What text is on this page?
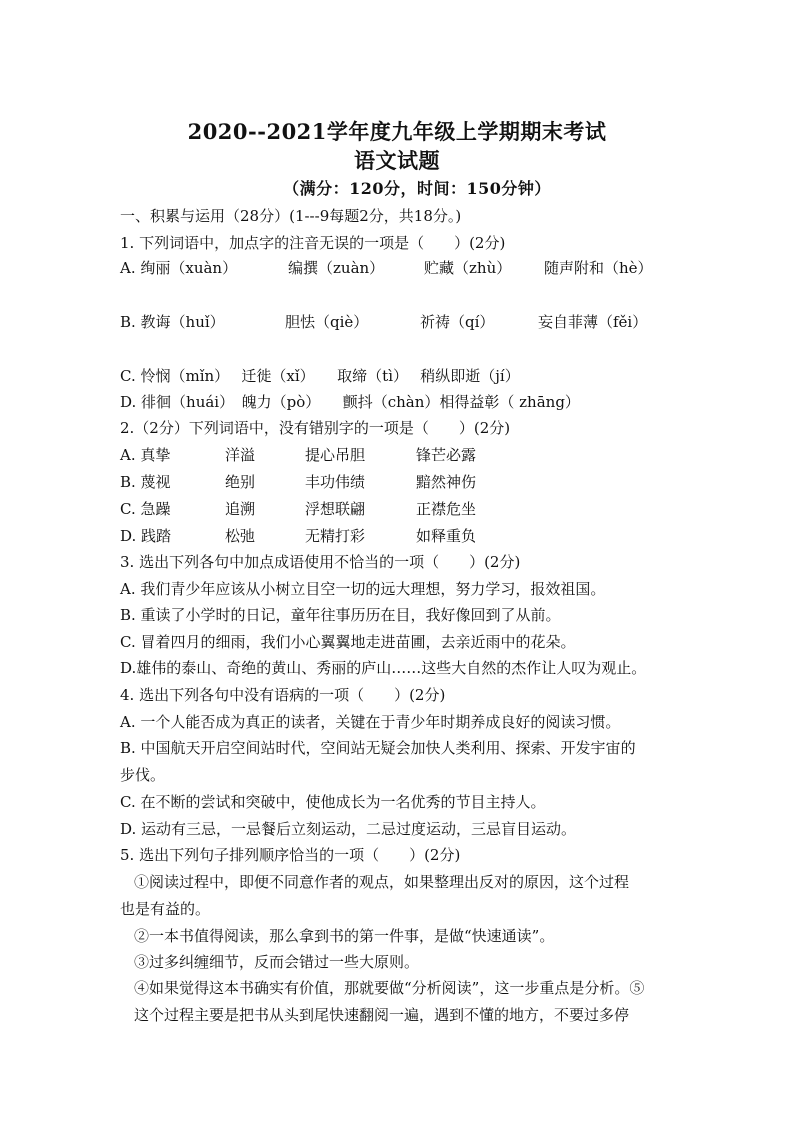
2020--2021学年度九年级上学期期末考试
语文试题
（满分：120分，时间：150分钟）
一、积累与运用（28分）(1---9每题2分，共18分。)
1. 下列词语中，加点字的注音无误的一项是（　　）(2分)
A. 绚丽（xuàn）	编撰（zuàn）	贮藏（zhù） 随声附和（hè）
B. 教诲（huǐ）	胆怯（qiè）	祈祷（qí）	妄自菲薄（fěi）
C. 怜悯（mǐn）　 迁徙（xǐ）　　取缔（tì）　 稍纵即逝（jí）
D. 徘徊（huái）　魄力（pò）　　颤抖（chàn）相得益彰（ zhāng）
2.（2分）下列词语中，没有错别字的一项是（　　）(2分)
A. 真挚	洋溢	提心吊胆	锋芒必露
B. 蔑视	绝别	丰功伟绩	黯然神伤
C. 急躁	追溯	浮想联翩	正襟危坐
D. 践踏	松弛	无精打彩	如释重负
3. 选出下列各句中加点成语使用不恰当的一项（　　）(2分)
A. 我们青少年应该从小树立目空一切的远大理想，努力学习，报效祖国。
B. 重读了小学时的日记，童年往事历历在目，我好像回到了从前。
C. 冒着四月的细雨，我们小心翼翼地走进苗圃，去亲近雨中的花朵。
D.雄伟的泰山、奇绝的黄山、秀丽的庐山……这些大自然的杰作让人叹为观止。
4. 选出下列各句中没有语病的一项（　　）(2分)
A. 一个人能否成为真正的读者，关键在于青少年时期养成良好的阅读习惯。
B. 中国航天开启空间站时代，空间站无疑会加快人类利用、探索、开发宇宙的
步伐。
C. 在不断的尝试和突破中，使他成长为一名优秀的节目主持人。
D. 运动有三忌，一忌餐后立刻运动，二忌过度运动，三忌盲目运动。
5. 选出下列句子排列顺序恰当的一项（　　）(2分)
①阅读过程中，即便不同意作者的观点，如果整理出反对的原因，这个过程
也是有益的。
②一本书值得阅读，那么拿到书的第一件事，是做“快速通读”。
③过多纠缠细节，反而会错过一些大原则。
④如果觉得这本书确实有价值，那就要做“分析阅读”，这一步重点是分析。⑤
这个过程主要是把书从头到尾快速翻阅一遍，遇到不懂的地方，不要过多停
